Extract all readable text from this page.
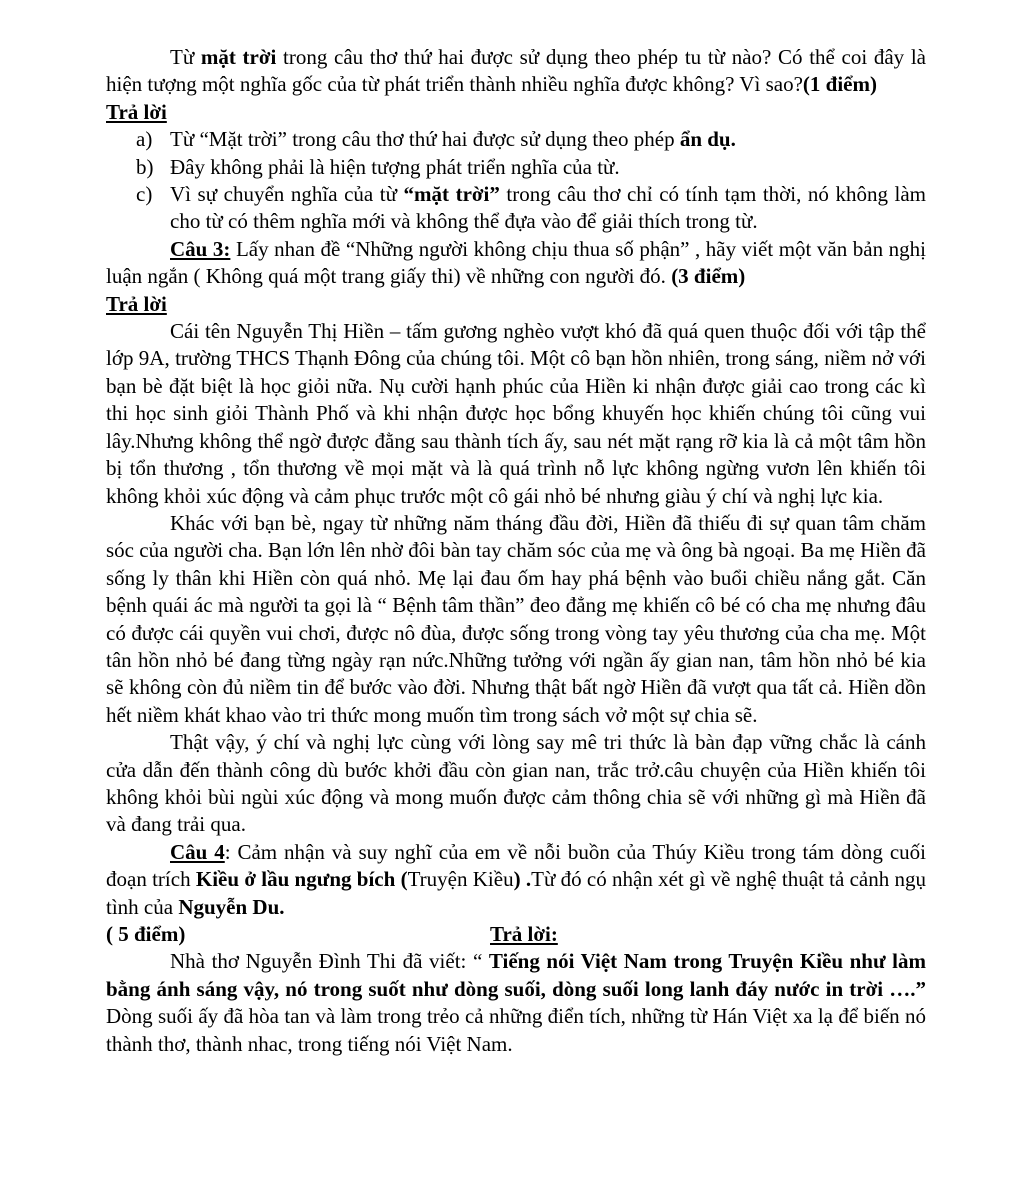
Từ mặt trời trong câu thơ thứ hai được sử dụng theo phép tu từ nào? Có thể coi đây là hiện tượng một nghĩa gốc của từ phát triển thành nhiều nghĩa được không? Vì sao?(1 điểm)

Trả lời

a) Từ “Mặt trời” trong câu thơ thứ hai được sử dụng theo phép ẩn dụ.
b) Đây không phải là hiện tượng phát triển nghĩa của từ.
c) Vì sự chuyển nghĩa của từ “mặt trời” trong câu thơ chỉ có tính tạm thời, nó không làm cho từ có thêm nghĩa mới và không thể đựa vào để giải thích trong từ.

Câu 3: Lấy nhan đề “Những người không chịu thua số phận” , hãy viết một văn bản nghị luận ngắn ( Không quá một trang giấy thi) về những con người đó. (3 điểm)

Trả lời

Cái tên Nguyễn Thị Hiền – tấm gương nghèo vượt khó đã quá quen thuộc đối với tập thể lớp 9A, trường THCS Thạnh Đông của chúng tôi. Một cô bạn hồn nhiên, trong sáng, niềm nở với bạn bè đặt biệt là học giỏi nữa. Nụ cười hạnh phúc của Hiền ki nhận được giải cao trong các kì thi học sinh giỏi Thành Phố và khi nhận được học bổng khuyến học khiến chúng tôi cũng vui lây.Nhưng không thể ngờ được đằng sau thành tích ấy, sau nét mặt rạng rỡ kia là cả một tâm hồn bị tổn thương , tổn thương về mọi mặt và là quá trình nỗ lực không ngừng vươn lên khiến tôi không khỏi xúc động và cảm phục trước một cô gái nhỏ bé nhưng giàu ý chí và nghị lực kia.

Khác với bạn bè, ngay từ những năm tháng đầu đời, Hiền đã thiếu đi sự quan tâm chăm sóc của người cha. Bạn lớn lên nhờ đôi bàn tay chăm sóc của mẹ và ông bà ngoại. Ba mẹ Hiền đã sống ly thân khi Hiền còn quá nhỏ. Mẹ lại đau ốm hay phá bệnh vào buổi chiều nắng gắt. Căn bệnh quái ác mà người ta gọi là “ Bệnh tâm thần” đeo đẳng mẹ khiến cô bé có cha mẹ nhưng đâu có được cái quyền vui chơi, được nô đùa, được sống trong vòng tay yêu thương của cha mẹ. Một tân hồn nhỏ bé đang từng ngày rạn nức.Những tưởng với ngần ấy gian nan, tâm hồn nhỏ bé kia sẽ không còn đủ niềm tin để bước vào đời. Nhưng thật bất ngờ Hiền đã vượt qua tất cả. Hiền dồn hết niềm khát khao vào tri thức mong muốn tìm trong sách vở một sự chia sẽ.

Thật vậy, ý chí và nghị lực cùng với lòng say mê tri thức là bàn đạp vững chắc là cánh cửa dẫn đến thành công dù bước khởi đầu còn gian nan, trắc trở.câu chuyện của Hiền khiến tôi không khỏi bùi ngùi xúc động và mong muốn được cảm thông chia sẽ với những gì mà Hiền đã và đang trải qua.

Câu 4: Cảm nhận và suy nghĩ của em về nỗi buồn của Thúy Kiều trong tám dòng cuối đoạn trích Kiều ở lầu ngưng bích (Truyện Kiều) .Từ đó có nhận xét gì về nghệ thuật tả cảnh ngụ tình của Nguyễn Du.

( 5 điểm)	Trả lời:

Nhà thơ Nguyễn Đình Thi đã viết: “ Tiếng nói Việt Nam trong Truyện Kiều như làm bằng ánh sáng vậy, nó trong suốt như dòng suối, dòng suối long lanh đáy nước in trời ….” Dòng suối ấy đã hòa tan và làm trong trẻo cả những điển tích, những từ Hán Việt xa lạ để biến nó thành thơ, thành nhac, trong tiếng nói Việt Nam.
